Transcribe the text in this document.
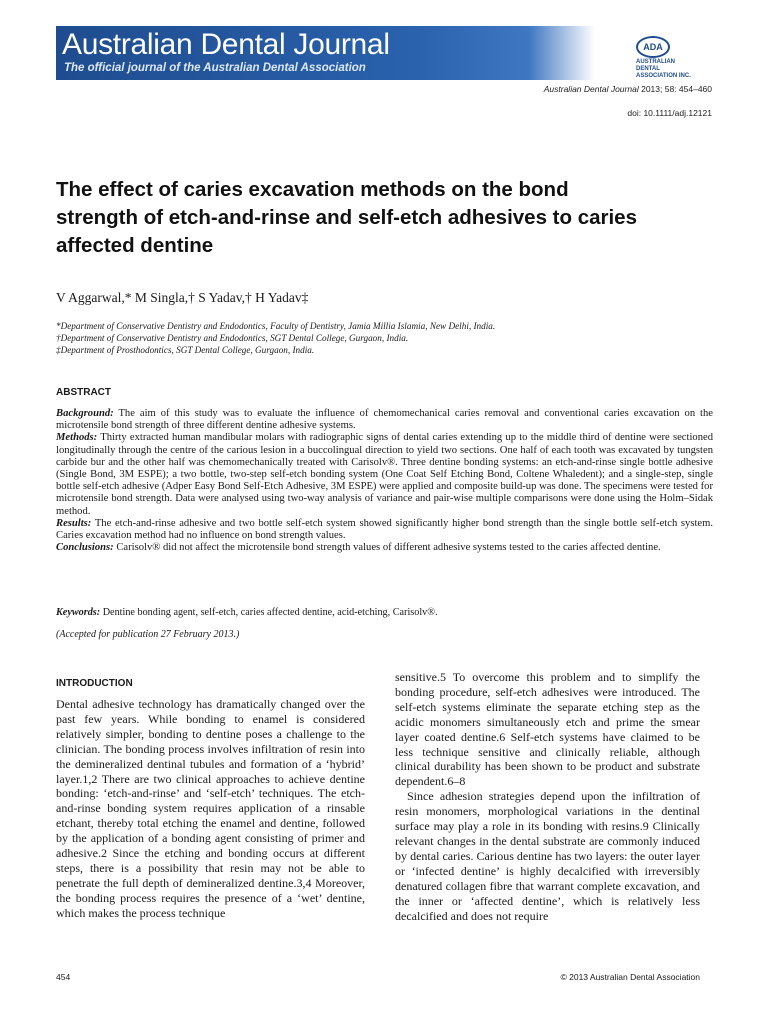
Australian Dental Journal
The official journal of the Australian Dental Association
ADA
AUSTRALIAN DENTAL ASSOCIATION INC.
Australian Dental Journal 2013; 58: 454–460
doi: 10.1111/adj.12121
The effect of caries excavation methods on the bond strength of etch-and-rinse and self-etch adhesives to caries affected dentine
V Aggarwal,* M Singla,† S Yadav,† H Yadav‡
*Department of Conservative Dentistry and Endodontics, Faculty of Dentistry, Jamia Millia Islamia, New Delhi, India.
†Department of Conservative Dentistry and Endodontics, SGT Dental College, Gurgaon, India.
‡Department of Prosthodontics, SGT Dental College, Gurgaon, India.
ABSTRACT

Background: The aim of this study was to evaluate the influence of chemomechanical caries removal and conventional caries excavation on the microtensile bond strength of three different dentine adhesive systems.

Methods: Thirty extracted human mandibular molars with radiographic signs of dental caries extending up to the middle third of dentine were sectioned longitudinally through the centre of the carious lesion in a buccolingual direction to yield two sections. One half of each tooth was excavated by tungsten carbide bur and the other half was chemomechanically treated with Carisolv®. Three dentine bonding systems: an etch-and-rinse single bottle adhesive (Single Bond, 3M ESPE); a two bottle, two-step self-etch bonding system (One Coat Self Etching Bond, Coltene Whaledent); and a single-step, single bottle self-etch adhesive (Adper Easy Bond Self-Etch Adhesive, 3M ESPE) were applied and composite build-up was done. The specimens were tested for microtensile bond strength. Data were analysed using two-way analysis of variance and pair-wise multiple comparisons were done using the Holm–Sidak method.

Results: The etch-and-rinse adhesive and two bottle self-etch system showed significantly higher bond strength than the single bottle self-etch system. Caries excavation method had no influence on bond strength values.

Conclusions: Carisolv® did not affect the microtensile bond strength values of different adhesive systems tested to the caries affected dentine.

Keywords: Dentine bonding agent, self-etch, caries affected dentine, acid-etching, Carisolv®.
(Accepted for publication 27 February 2013.)
INTRODUCTION

Dental adhesive technology has dramatically changed over the past few years. While bonding to enamel is considered relatively simpler, bonding to dentine poses a challenge to the clinician. The bonding process involves infiltration of resin into the demineralized dentinal tubules and formation of a ‘hybrid’ layer.1,2 There are two clinical approaches to achieve dentine bonding: ‘etch-and-rinse’ and ‘self-etch’ techniques. The etch-and-rinse bonding system requires application of a rinsable etchant, thereby total etching the enamel and dentine, followed by the application of a bonding agent consisting of primer and adhesive.2 Since the etching and bonding occurs at different steps, there is a possibility that resin may not be able to penetrate the full depth of demineralized dentine.3,4 Moreover, the bonding process requires the presence of a ‘wet’ dentine, which makes the process technique

sensitive.5 To overcome this problem and to simplify the bonding procedure, self-etch adhesives were introduced. The self-etch systems eliminate the separate etching step as the acidic monomers simultaneously etch and prime the smear layer coated dentine.6 Self-etch systems have claimed to be less technique sensitive and clinically reliable, although clinical durability has been shown to be product and substrate dependent.6–8

Since adhesion strategies depend upon the infiltration of resin monomers, morphological variations in the dentinal surface may play a role in its bonding with resins.9 Clinically relevant changes in the dental substrate are commonly induced by dental caries. Carious dentine has two layers: the outer layer or ‘infected dentine’ is highly decalcified with irreversibly denatured collagen fibre that warrant complete excavation, and the inner or ‘affected dentine’, which is relatively less decalcified and does not require

454	© 2013 Australian Dental Association
